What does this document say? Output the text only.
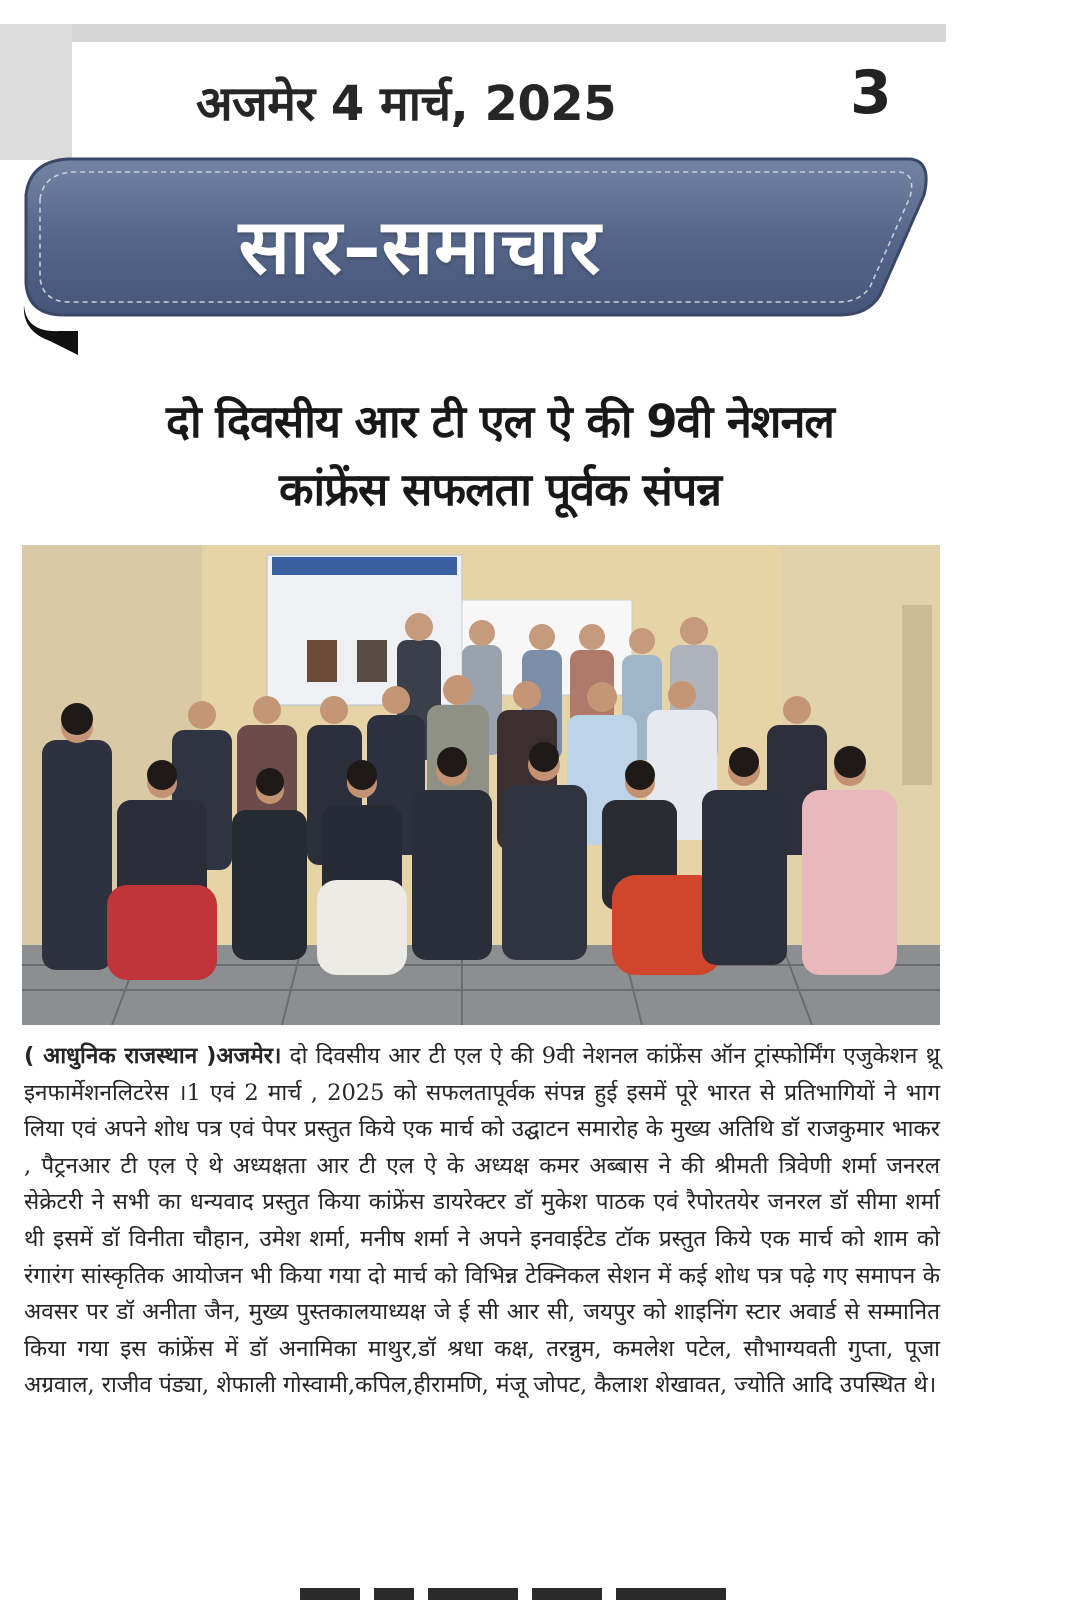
अजमेर 4 मार्च, 2025	3
सार–समाचार
दो दिवसीय आर टी एल ऐ की 9वी नेशनल
कांफ्रेंस सफलता पूर्वक संपन्न
( आधुनिक राजस्थान )अजमेर। दो दिवसीय आर टी एल ऐ की 9वी नेशनल कांफ्रेंस ऑन ट्रांस्फोर्मिंग एजुकेशन थ्रू इनफार्मेशनलिटरेस ।1 एवं 2 मार्च , 2025 को सफलतापूर्वक संपन्न हुई इसमें पूरे भारत से प्रतिभागियों ने भाग लिया एवं अपने शोध पत्र एवं पेपर प्रस्तुत किये एक मार्च को उद्घाटन समारोह के मुख्य अतिथि डॉ राजकुमार भाकर , पैट्रनआर टी एल ऐ थे अध्यक्षता आर टी एल ऐ के अध्यक्ष कमर अब्बास ने की श्रीमती त्रिवेणी शर्मा जनरल सेक्रेटरी ने सभी का धन्यवाद प्रस्तुत किया कांफ्रेंस डायरेक्टर डॉ मुकेश पाठक एवं रैपोरतयेर जनरल डॉ सीमा शर्मा थी इसमें डॉ विनीता चौहान, उमेश शर्मा, मनीष शर्मा ने अपने इनवाईटेड टॉक प्रस्तुत किये एक मार्च को शाम को रंगारंग सांस्कृतिक आयोजन भी किया गया दो मार्च को विभिन्न टेक्निकल सेशन में कई शोध पत्र पढ़े गए समापन के अवसर पर डॉ अनीता जैन, मुख्य पुस्तकालयाध्यक्ष जे ई सी आर सी, जयपुर को शाइनिंग स्टार अवार्ड से सम्मानित किया गया इस कांफ्रेंस में डॉ अनामिका माथुर,डॉ श्रधा कक्ष, तरन्नुम, कमलेश पटेल, सौभाग्यवती गुप्ता, पूजा अग्रवाल, राजीव पंड्या, शेफाली गोस्वामी,कपिल,हीरामणि, मंजू जोपट, कैलाश शेखावत, ज्योति आदि उपस्थित थे।
